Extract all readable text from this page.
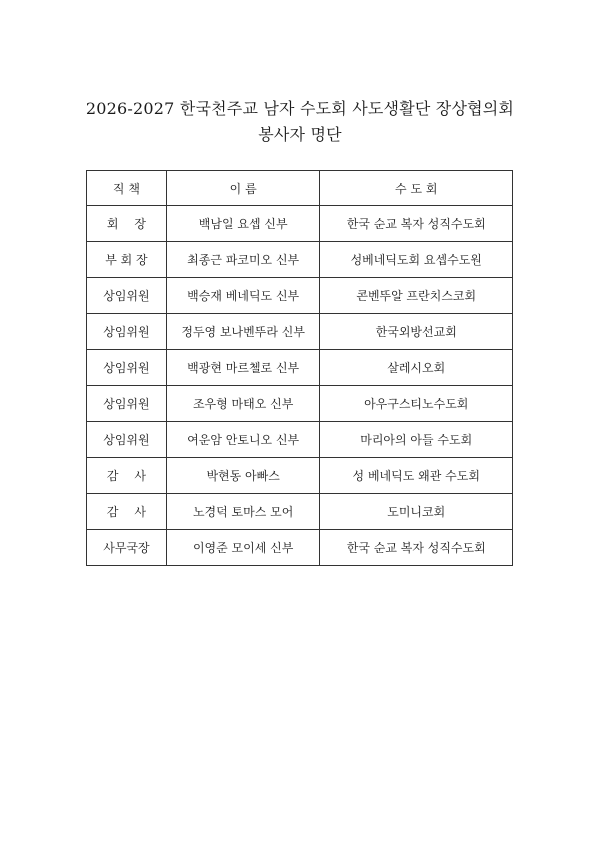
2026-2027 한국천주교 남자 수도회 사도생활단 장상협의회
봉사자 명단
직 책	이 름	수 도 회
회　 장	백남일 요셉 신부	한국 순교 복자 성직수도회
부 회 장	최종근 파코미오 신부	성베네딕도회 요셉수도원
상임위원	백승재 베네딕도 신부	콘벤뚜알 프란치스코회
상임위원	정두영 보나벤뚜라 신부	한국외방선교회
상임위원	백광현 마르첼로 신부	살레시오회
상임위원	조우형 마태오 신부	아우구스티노수도회
상임위원	여운암 안토니오 신부	마리아의 아들 수도회
감　 사	박현동 아빠스	성 베네딕도 왜관 수도회
감　 사	노경덕 토마스 모어	도미니코회
사무국장	이영준 모이세 신부	한국 순교 복자 성직수도회
